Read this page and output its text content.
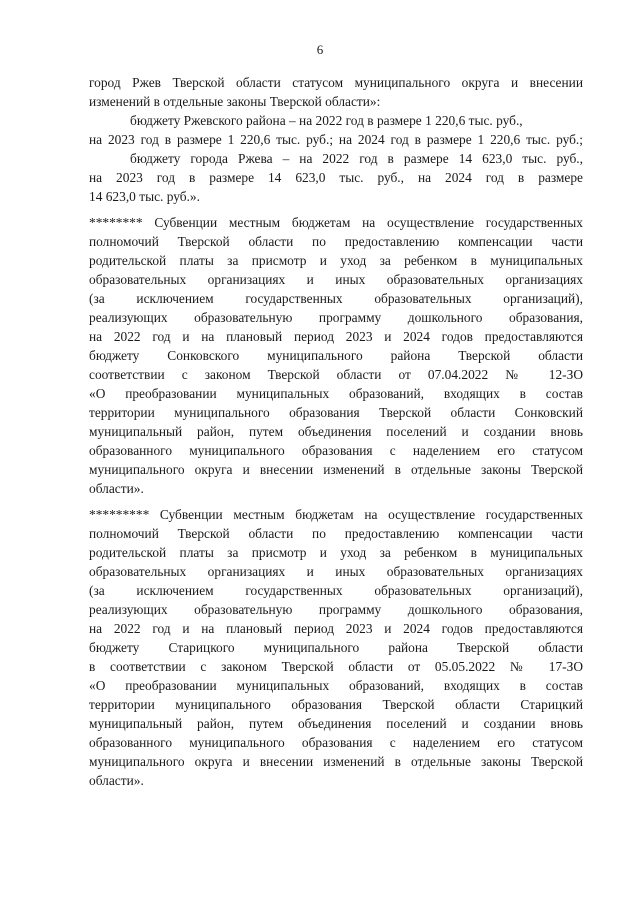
6
город Ржев Тверской области статусом муниципального округа и внесении
изменений в отдельные законы Тверской области»:
бюджету Ржевского района – на 2022 год в размере 1 220,6 тыс. руб.,
на 2023 год в размере 1 220,6 тыс. руб.; на 2024 год в размере 1 220,6 тыс. руб.;
бюджету города Ржева – на 2022 год в размере 14 623,0 тыс. руб.,
на 2023 год в размере 14 623,0 тыс. руб., на 2024 год в размере
14 623,0 тыс. руб.».
******** Субвенции местным бюджетам на осуществление государственных
полномочий Тверской области по предоставлению компенсации части
родительской платы за присмотр и уход за ребенком в муниципальных
образовательных организациях и иных образовательных организациях
(за исключением государственных образовательных организаций),
реализующих образовательную программу дошкольного образования,
на 2022 год и на плановый период 2023 и 2024 годов предоставляются
бюджету Сонковского муниципального района Тверской области
соответствии с законом Тверской области от 07.04.2022 № 12-ЗО
«О преобразовании муниципальных образований, входящих в состав
территории муниципального образования Тверской области Сонковский
муниципальный район, путем объединения поселений и создании вновь
образованного муниципального образования с наделением его статусом
муниципального округа и внесении изменений в отдельные законы Тверской
области».
********* Субвенции местным бюджетам на осуществление государственных
полномочий Тверской области по предоставлению компенсации части
родительской платы за присмотр и уход за ребенком в муниципальных
образовательных организациях и иных образовательных организациях
(за исключением государственных образовательных организаций),
реализующих образовательную программу дошкольного образования,
на 2022 год и на плановый период 2023 и 2024 годов предоставляются
бюджету Старицкого муниципального района Тверской области
в соответствии с законом Тверской области от 05.05.2022 № 17-ЗО
«О преобразовании муниципальных образований, входящих в состав
территории муниципального образования Тверской области Старицкий
муниципальный район, путем объединения поселений и создании вновь
образованного муниципального образования с наделением его статусом
муниципального округа и внесении изменений в отдельные законы Тверской
области».
